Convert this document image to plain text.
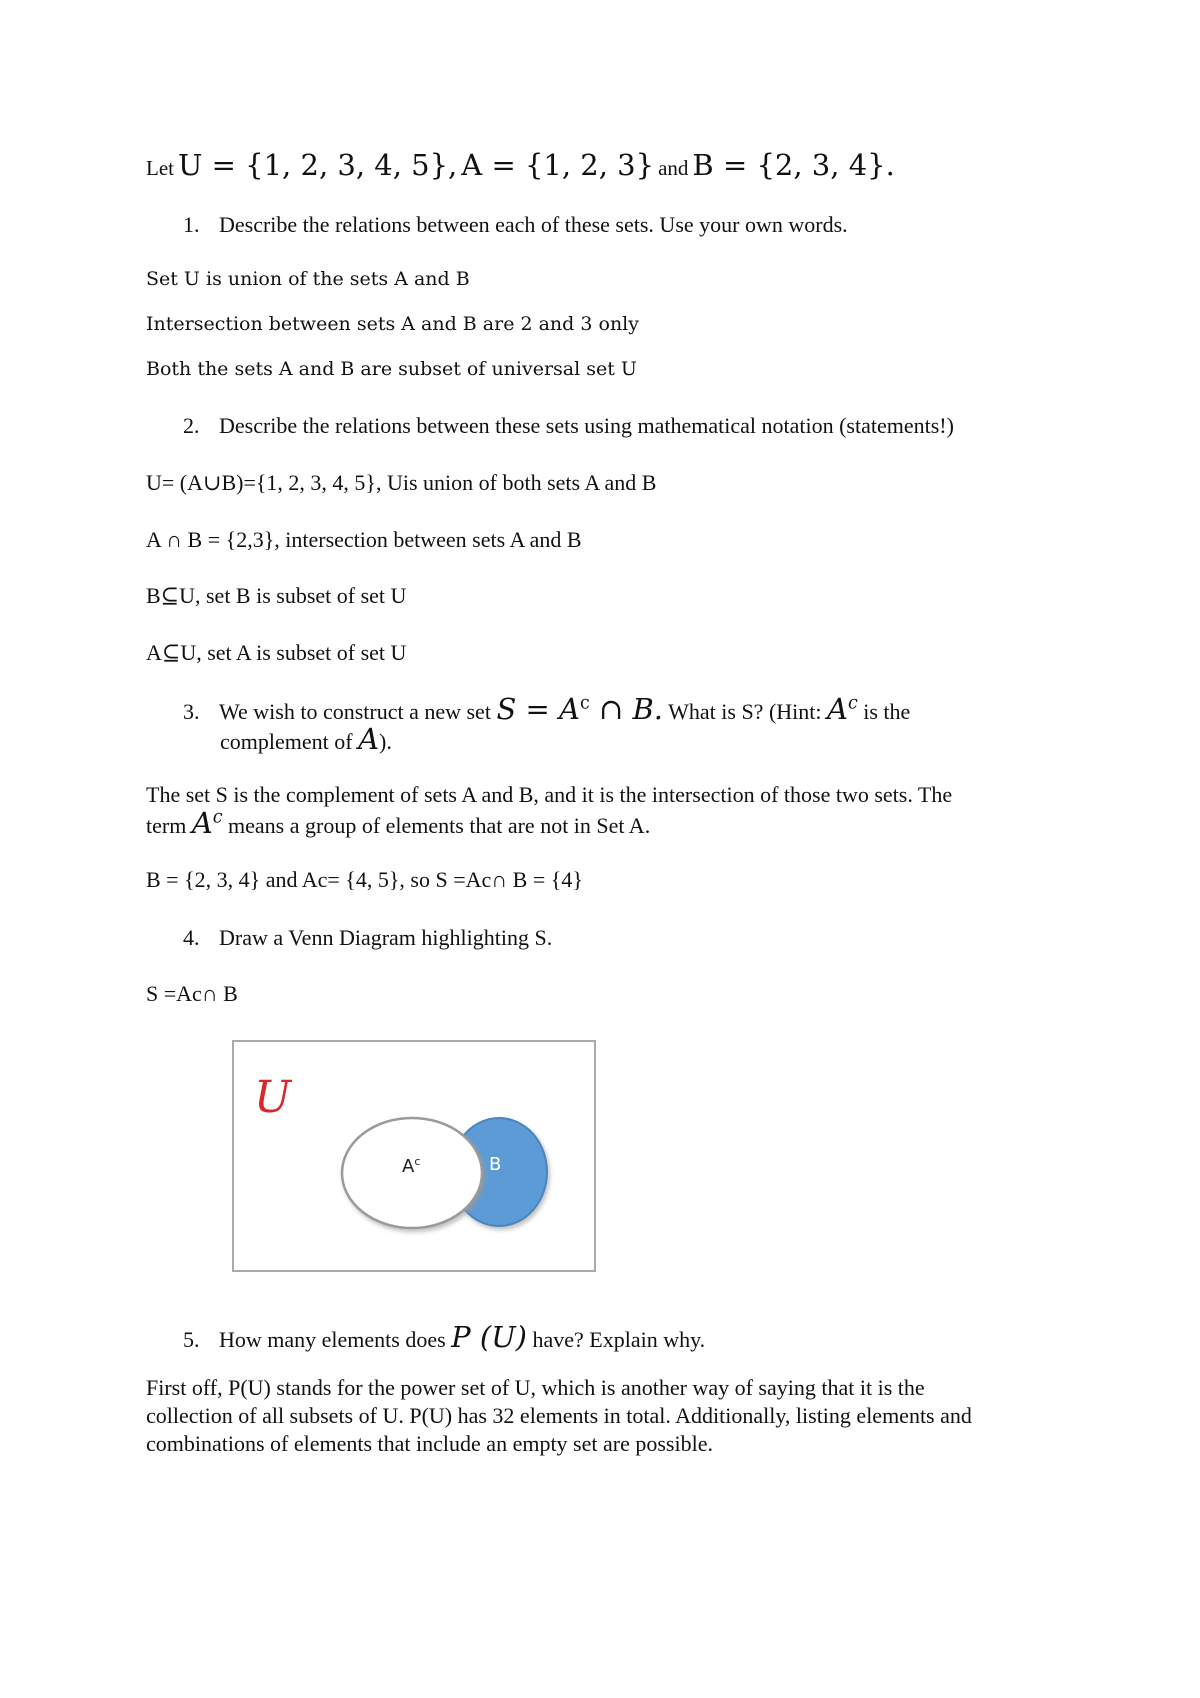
Let U = {1, 2, 3, 4, 5}, A = {1, 2, 3} and B = {2, 3, 4}.
1. Describe the relations between each of these sets. Use your own words.
Set U is union of the sets A and B
Intersection between sets A and B are 2 and 3 only
Both the sets A and B are subset of universal set U
2. Describe the relations between these sets using mathematical notation (statements!)
U= (A∪B)={1, 2, 3, 4, 5}, Uis union of both sets A and B
A ∩ B = {2,3}, intersection between sets A and B
B⊆U, set B is subset of set U
A⊆U, set A is subset of set U
3. We wish to construct a new set $S = A^c$ ∩ B. What is S? (Hint: $A^c$ is the
complement of A).
The set S is the complement of sets A and B, and it is the intersection of those two sets. The
term $A^c$ means a group of elements that are not in Set A.
B = {2, 3, 4} and Ac= {4, 5}, so S =Ac∩ B = {4}
4. Draw a Venn Diagram highlighting S.
S =Ac∩ B
U
$A^c$	B
5. How many elements does P (U) have? Explain why.
First off, P(U) stands for the power set of U, which is another way of saying that it is the
collection of all subsets of U. P(U) has 32 elements in total. Additionally, listing elements and
combinations of elements that include an empty set are possible.
